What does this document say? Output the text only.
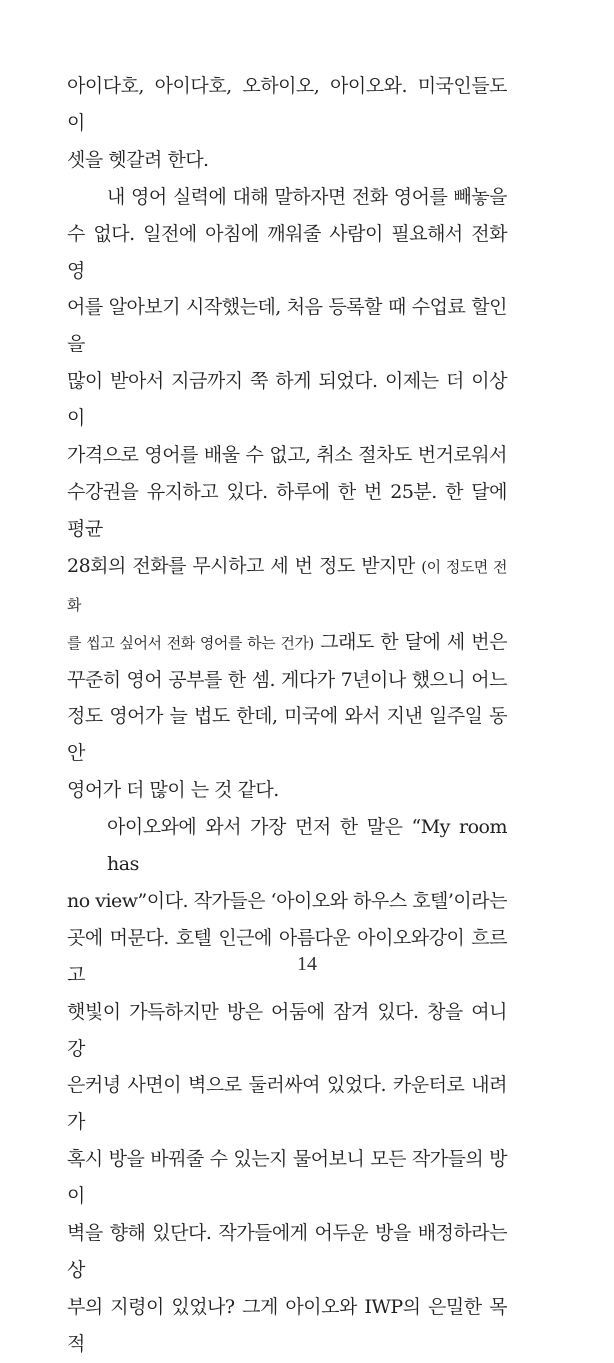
아이다호, 아이다호, 오하이오, 아이오와. 미국인들도 이
셋을 헷갈려 한다.
내 영어 실력에 대해 말하자면 전화 영어를 빼놓을
수 없다. 일전에 아침에 깨워줄 사람이 필요해서 전화 영
어를 알아보기 시작했는데, 처음 등록할 때 수업료 할인을
많이 받아서 지금까지 쭉 하게 되었다. 이제는 더 이상 이
가격으로 영어를 배울 수 없고, 취소 절차도 번거로워서
수강권을 유지하고 있다. 하루에 한 번 25분. 한 달에 평균
28회의 전화를 무시하고 세 번 정도 받지만 (이 정도면 전화
를 씹고 싶어서 전화 영어를 하는 건가) 그래도 한 달에 세 번은
꾸준히 영어 공부를 한 셈. 게다가 7년이나 했으니 어느
정도 영어가 늘 법도 한데, 미국에 와서 지낸 일주일 동안
영어가 더 많이 는 것 같다.
아이오와에 와서 가장 먼저 한 말은 “My room has
no view”이다. 작가들은 ‘아이오와 하우스 호텔’이라는
곳에 머문다. 호텔 인근에 아름다운 아이오와강이 흐르고
햇빛이 가득하지만 방은 어둠에 잠겨 있다. 창을 여니 강
은커녕 사면이 벽으로 둘러싸여 있었다. 카운터로 내려가
혹시 방을 바꿔줄 수 있는지 물어보니 모든 작가들의 방이
벽을 향해 있단다. 작가들에게 어두운 방을 배정하라는 상
부의 지령이 있었나? 그게 아이오와 IWP의 은밀한 목적
14
